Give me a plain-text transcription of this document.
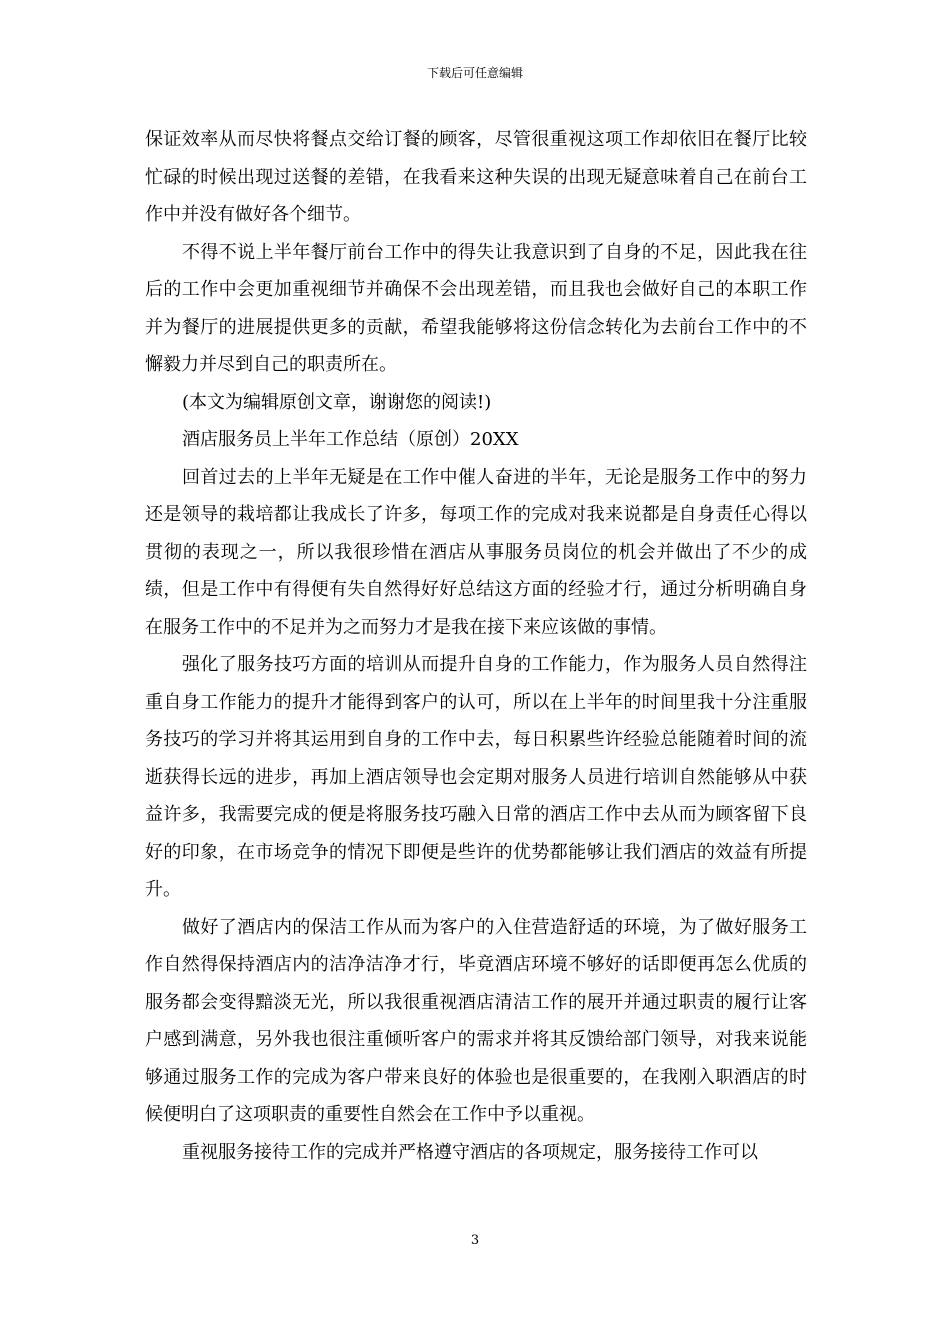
下载后可任意编辑

保证效率从而尽快将餐点交给订餐的顾客，尽管很重视这项工作却依旧在餐厅比较忙碌的时候出现过送餐的差错，在我看来这种失误的出现无疑意味着自己在前台工作中并没有做好各个细节。

不得不说上半年餐厅前台工作中的得失让我意识到了自身的不足，因此我在往后的工作中会更加重视细节并确保不会出现差错，而且我也会做好自己的本职工作并为餐厅的进展提供更多的贡献，希望我能够将这份信念转化为去前台工作中的不懈毅力并尽到自己的职责所在。

(本文为编辑原创文章，谢谢您的阅读!)

酒店服务员上半年工作总结（原创）20XX

回首过去的上半年无疑是在工作中催人奋进的半年，无论是服务工作中的努力还是领导的栽培都让我成长了许多，每项工作的完成对我来说都是自身责任心得以贯彻的表现之一，所以我很珍惜在酒店从事服务员岗位的机会并做出了不少的成绩，但是工作中有得便有失自然得好好总结这方面的经验才行，通过分析明确自身在服务工作中的不足并为之而努力才是我在接下来应该做的事情。

强化了服务技巧方面的培训从而提升自身的工作能力，作为服务人员自然得注重自身工作能力的提升才能得到客户的认可，所以在上半年的时间里我十分注重服务技巧的学习并将其运用到自身的工作中去，每日积累些许经验总能随着时间的流逝获得长远的进步，再加上酒店领导也会定期对服务人员进行培训自然能够从中获益许多，我需要完成的便是将服务技巧融入日常的酒店工作中去从而为顾客留下良好的印象，在市场竞争的情况下即便是些许的优势都能够让我们酒店的效益有所提升。

做好了酒店内的保洁工作从而为客户的入住营造舒适的环境，为了做好服务工作自然得保持酒店内的洁净洁净才行，毕竟酒店环境不够好的话即便再怎么优质的服务都会变得黯淡无光，所以我很重视酒店清洁工作的展开并通过职责的履行让客户感到满意，另外我也很注重倾听客户的需求并将其反馈给部门领导，对我来说能够通过服务工作的完成为客户带来良好的体验也是很重要的，在我刚入职酒店的时候便明白了这项职责的重要性自然会在工作中予以重视。

重视服务接待工作的完成并严格遵守酒店的各项规定，服务接待工作可以

3
